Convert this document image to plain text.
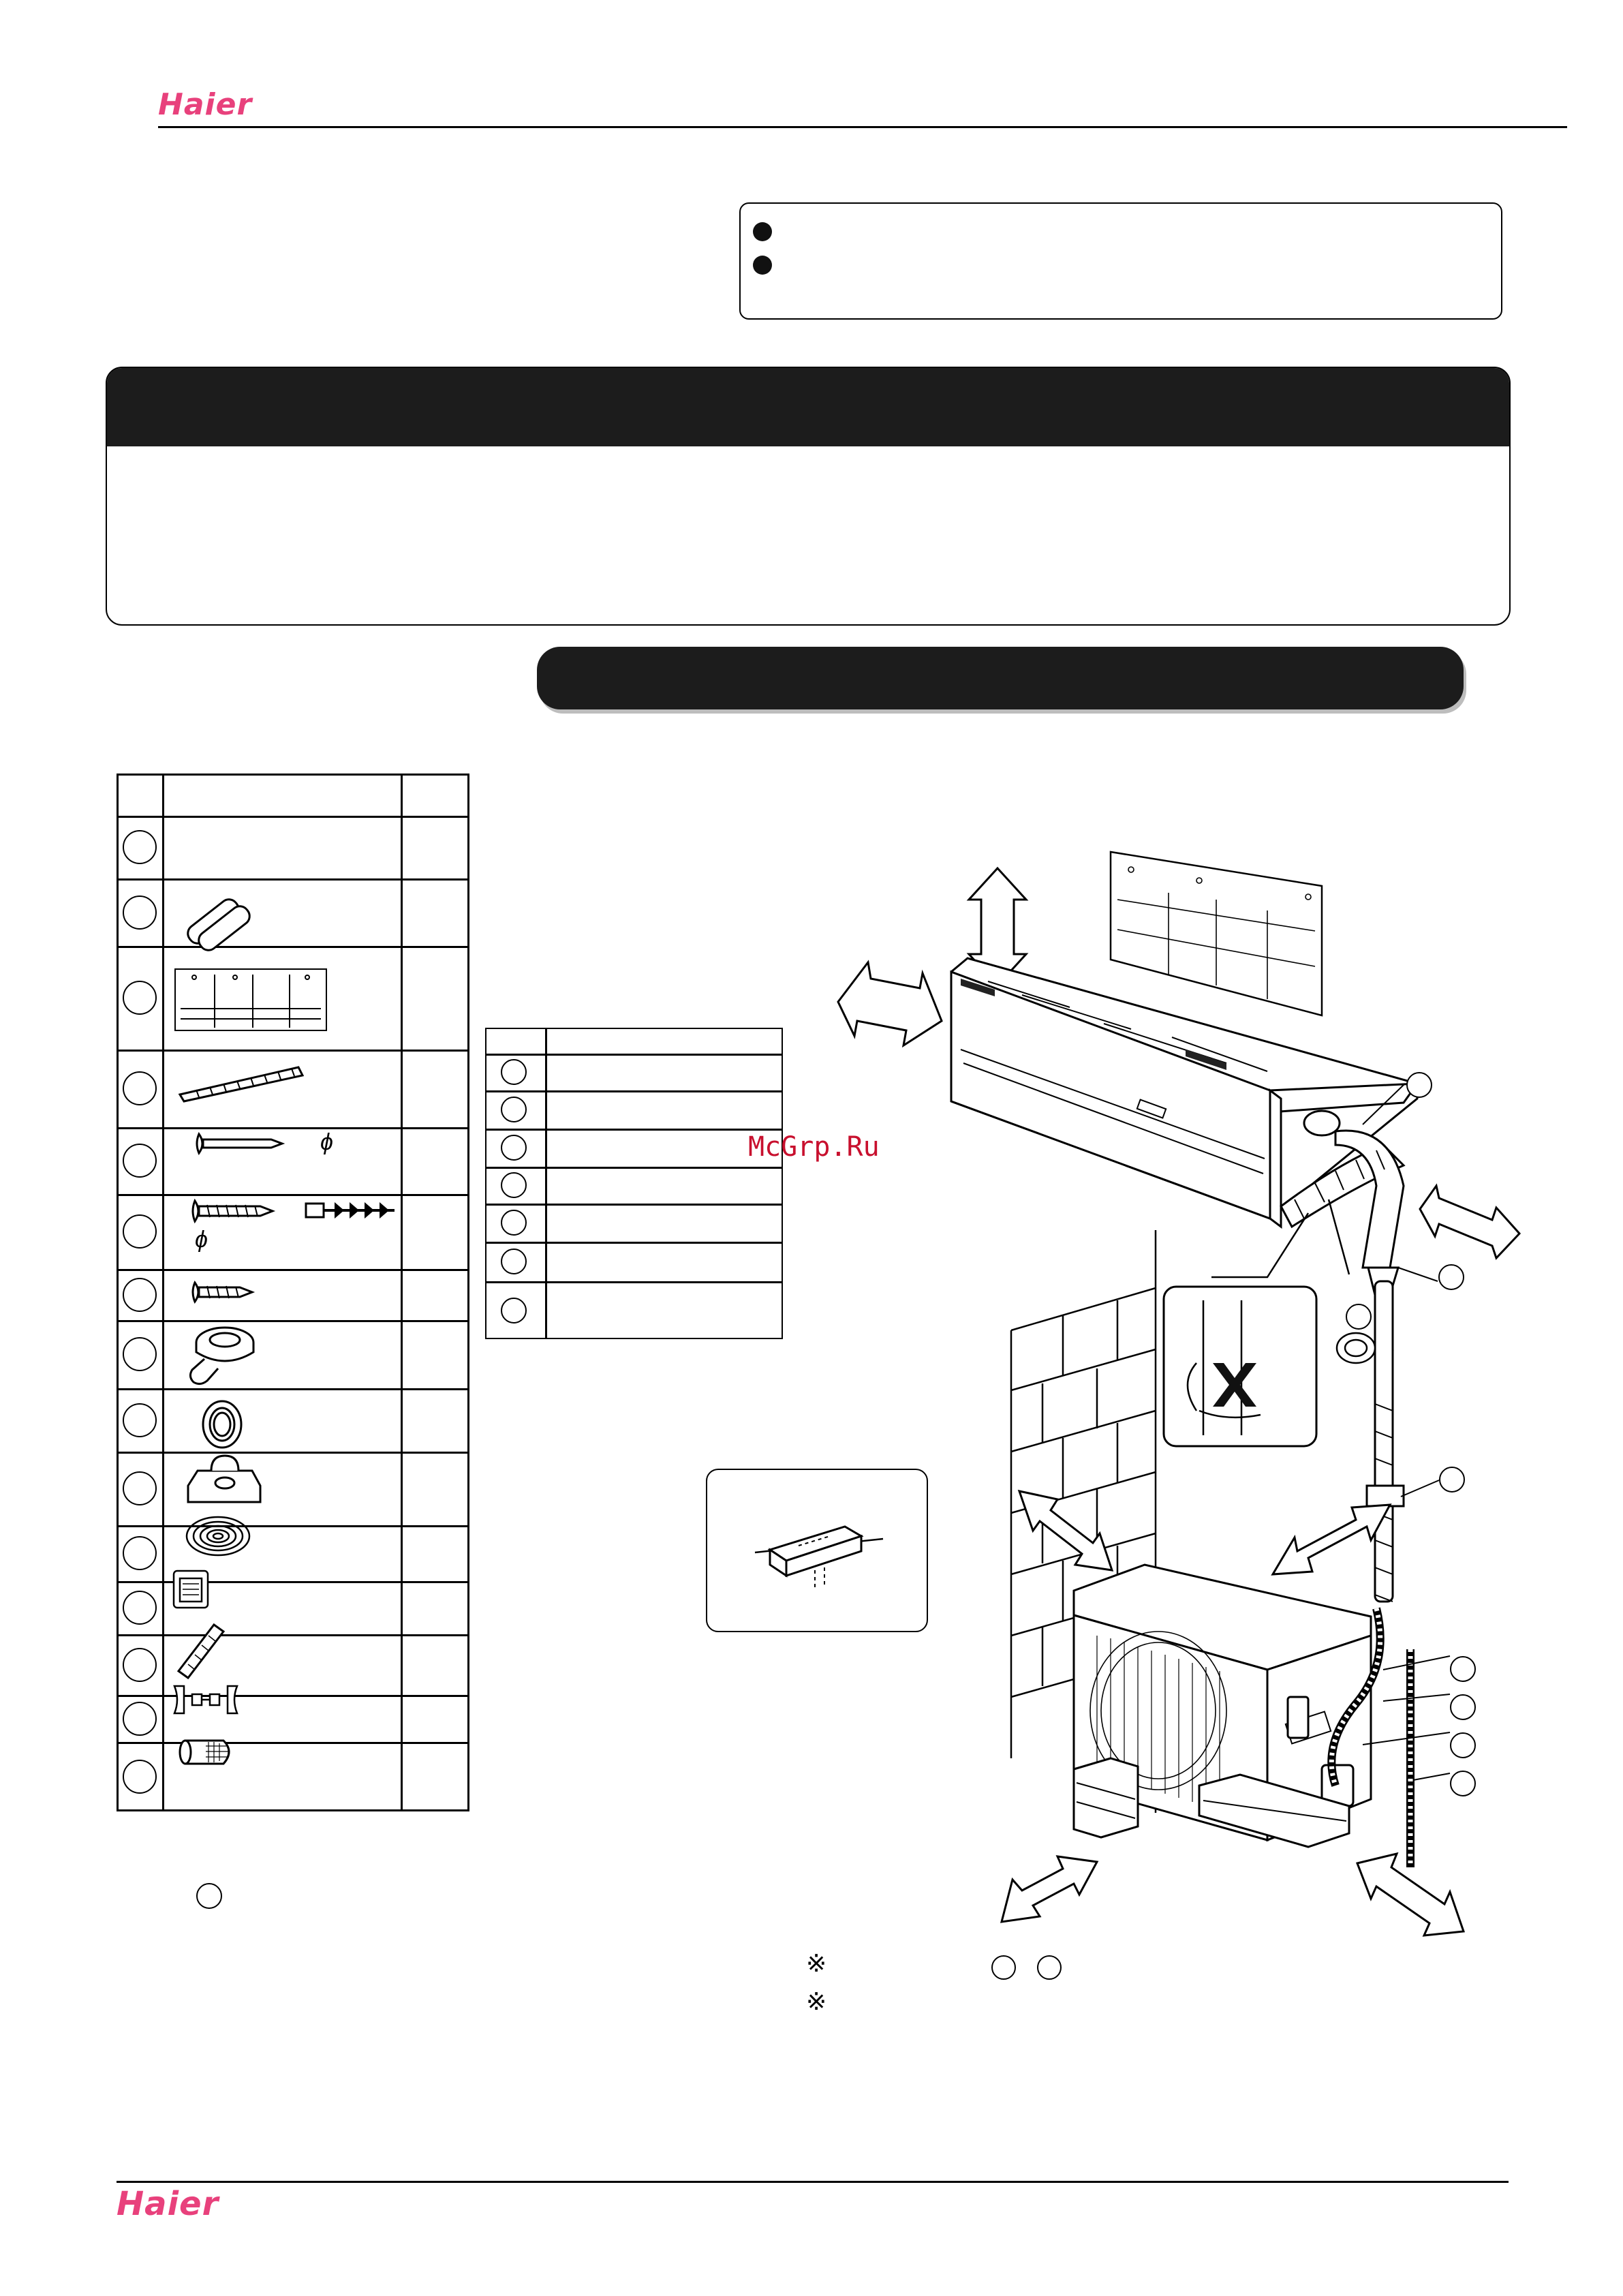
Haier
ϕ
ϕ
McGrp.Ru
※
※
Haier
